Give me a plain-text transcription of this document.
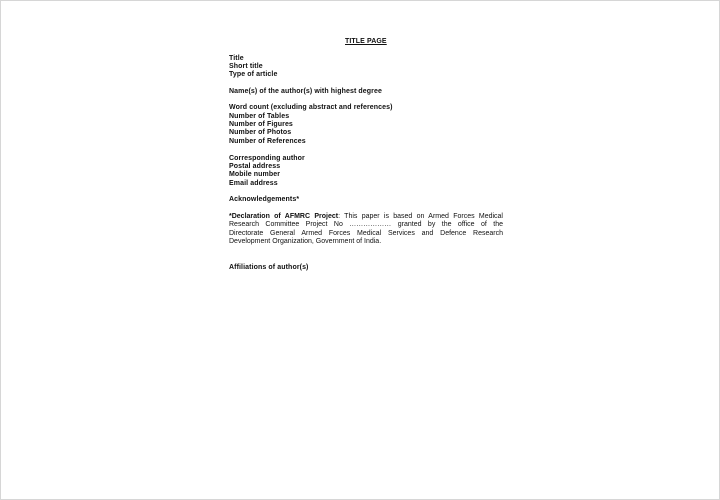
TITLE PAGE
Title
Short title
Type of article
Name(s) of the author(s) with highest degree
Word count (excluding abstract and references)
Number of Tables
Number of Figures
Number of Photos
Number of References
Corresponding author
Postal address
Mobile number
Email address
Acknowledgements*
*Declaration of AFMRC Project: This paper is based on Armed Forces Medical
Research Committee Project No ……………… granted by the office of the
Directorate General Armed Forces Medical Services and Defence Research
Development Organization, Government of India.
Affiliations of author(s)
